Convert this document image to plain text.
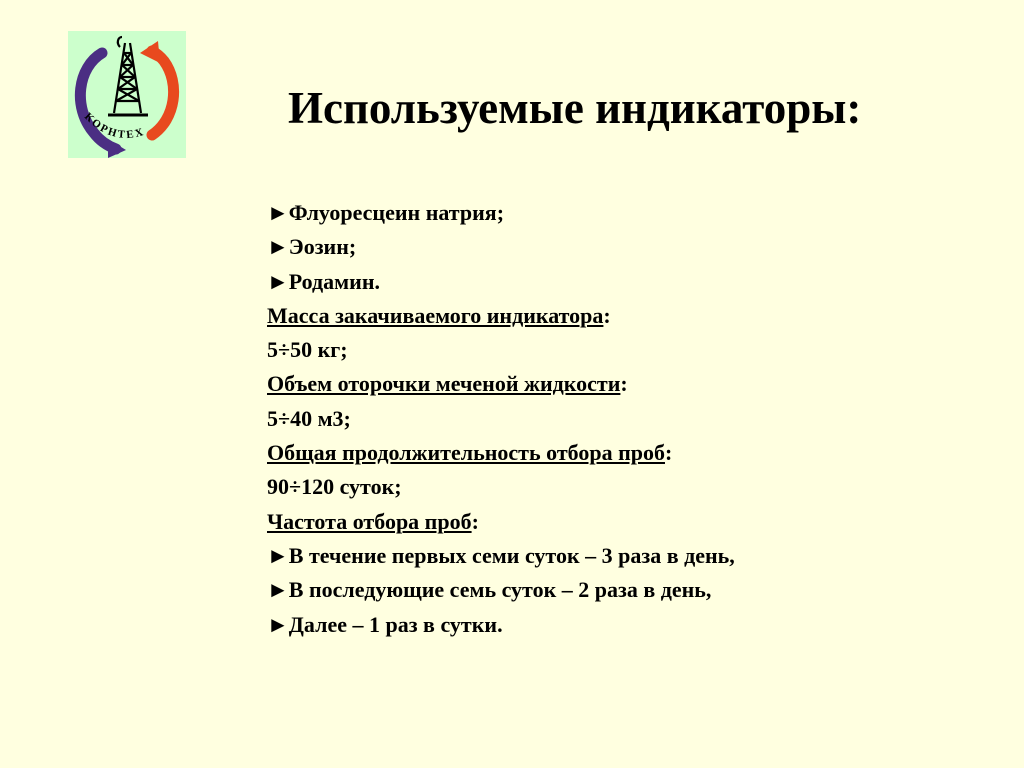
КОРНТЕХ	Используемые индикаторы:
►Флуоресцеин натрия;
►Эозин;
►Родамин.
Масса закачиваемого индикатора:
5÷50 кг;
Объем оторочки меченой жидкости:
5÷40 м3;
Общая продолжительность отбора проб:
90÷120 суток;
Частота отбора проб:
►В течение первых семи суток – 3 раза в день,
►В последующие семь суток – 2 раза в день,
►Далее – 1 раз в сутки.
